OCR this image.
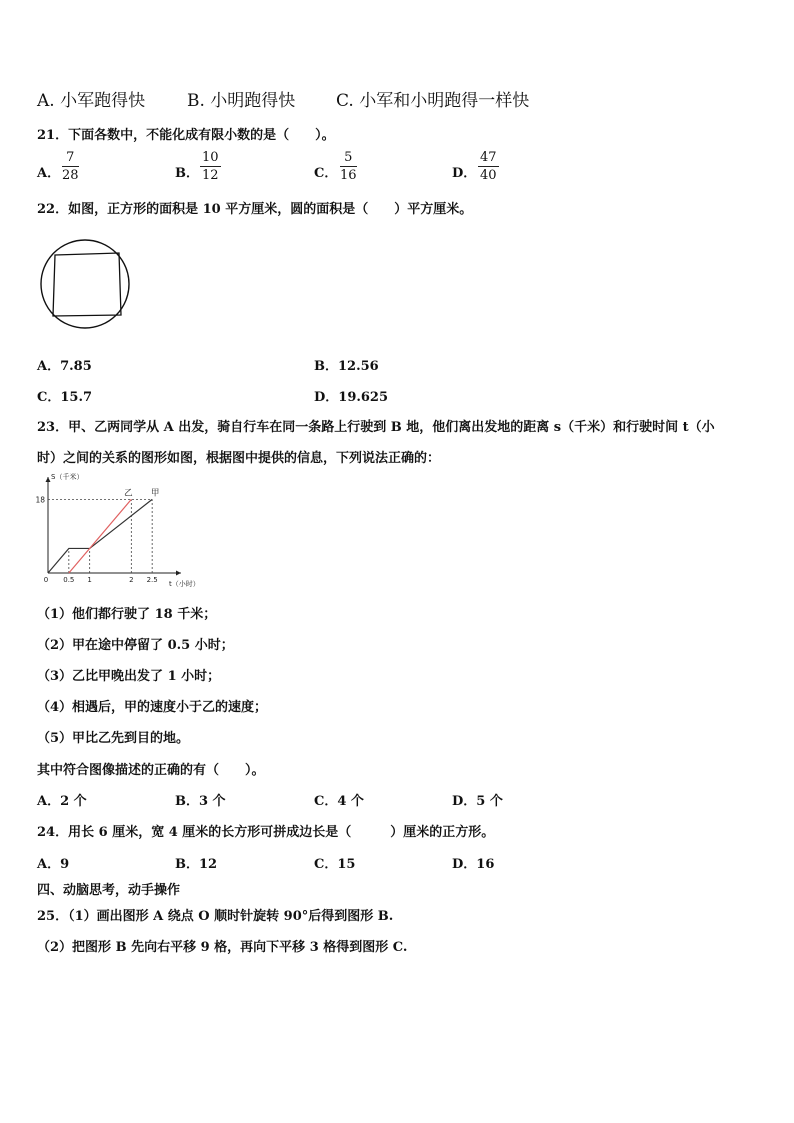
A. 小军跑得快 B. 小明跑得快 C. 小军和小明跑得一样快
21．下面各数中，不能化成有限小数的是（　　）。
A． $\frac{7}{28}$	B． $\frac{10}{12}$	C． $\frac{5}{16}$	D． $\frac{47}{40}$
22．如图，正方形的面积是 10 平方厘米，圆的面积是（　　）平方厘米。
A．7.85	B．12.56
C．15.7	D．19.625
23．甲、乙两同学从 A 出发，骑自行车在同一条路上行驶到 B 地，他们离出发地的距离 s（千米）和行驶时间 t（小
时）之间的关系的图形如图，根据图中提供的信息，下列说法正确的：
S（千米）
t（小时）
18
0 0.5 1	2 2.5
甲
乙
（1）他们都行驶了 18 千米；
（2）甲在途中停留了 0.5 小时；
（3）乙比甲晚出发了 1 小时；
（4）相遇后，甲的速度小于乙的速度；
（5）甲比乙先到目的地。
其中符合图像描述的正确的有（　　）。
A．2 个	B．3 个	C．4 个	D．5 个
24．用长 6 厘米，宽 4 厘米的长方形可拼成边长是（　　　）厘米的正方形。
A．9	B．12	C．15	D．16
四、动脑思考，动手操作
25．（1）画出图形 A 绕点 O 顺时针旋转 90°后得到图形 B.
（2）把图形 B 先向右平移 9 格，再向下平移 3 格得到图形 C.
